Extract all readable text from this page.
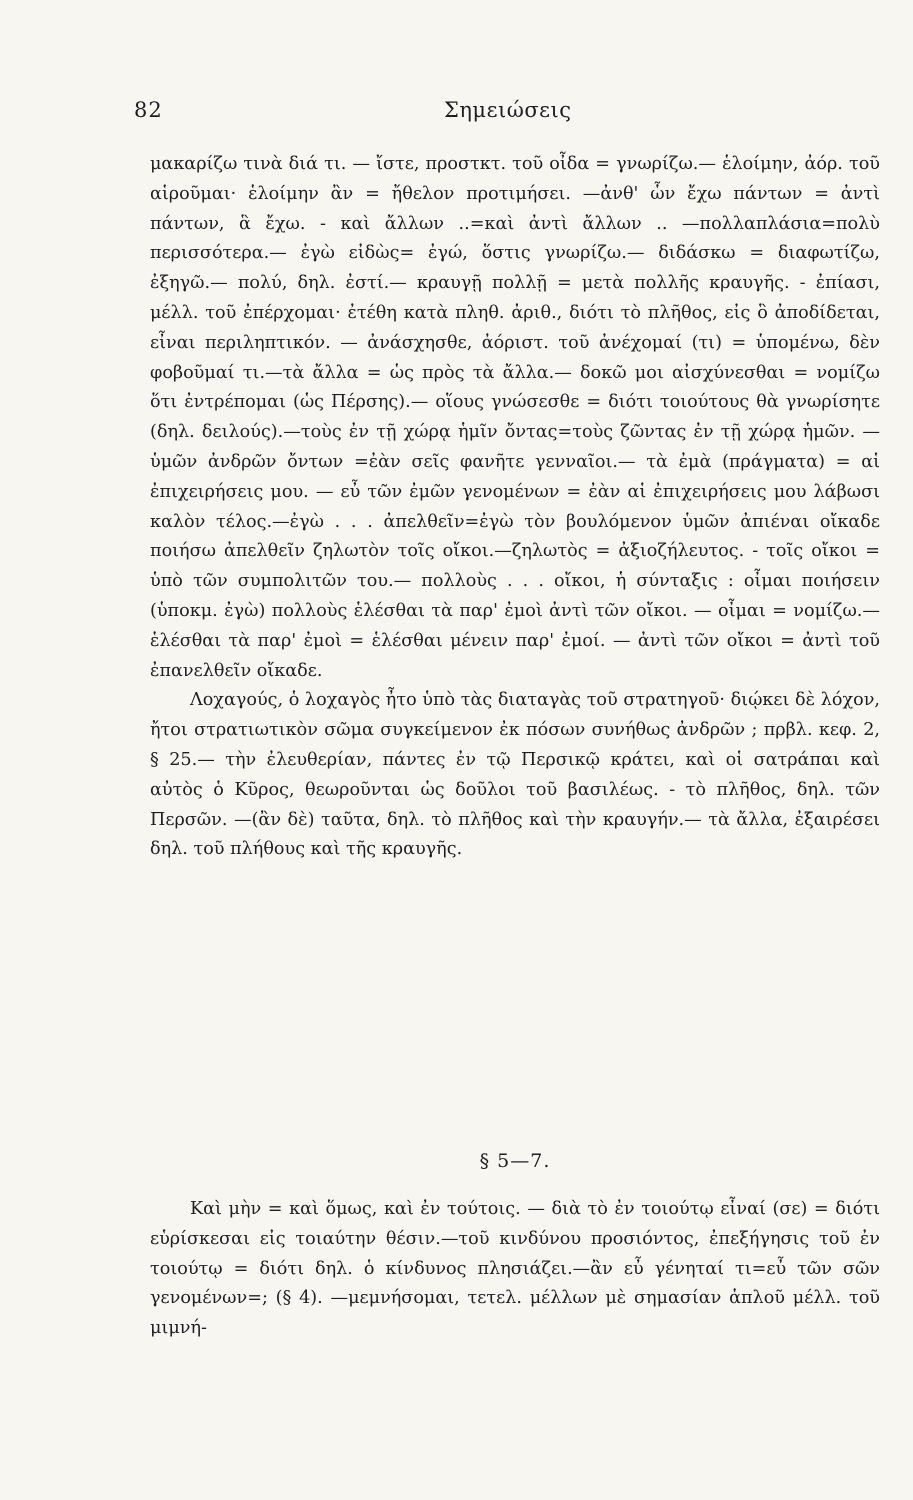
82	Σημειώσεις

μακαρίζω τινὰ διά τι. — ἴστε, προστκτ. τοῦ οἶδα = γνωρίζω.— ἑλοίμην, ἀόρ. τοῦ αἱροῦμαι· ἑλοίμην ἂν = ἤθελον προτιμήσει. —ἀνθ' ὧν ἔχω πάντων = ἀντὶ πάντων, ἃ ἔχω. - καὶ ἄλλων ..=καὶ ἀντὶ ἄλλων .. —πολλαπλάσια=πολὺ περισσότερα.— ἐγὼ εἰδὼς= ἐγώ, ὅστις γνωρίζω.— διδάσκω = διαφωτίζω, ἐξηγῶ.— πολύ, δηλ. ἐστί.— κραυγῇ πολλῇ = μετὰ πολλῆς κραυγῆς. - ἐπίασι, μέλλ. τοῦ ἐπέρχομαι· ἐτέθη κατὰ πληθ. ἀριθ., διότι τὸ πλῆθος, εἰς ὃ ἀποδίδεται, εἶναι περιληπτικόν. — ἀνάσχησθε, ἀόριστ. τοῦ ἀνέχομαί (τι) = ὑπομένω, δὲν φοβοῦμαί τι.—τὰ ἄλλα = ὡς πρὸς τὰ ἄλλα.— δοκῶ μοι αἰσχύνεσθαι = νομίζω ὅτι ἐντρέπομαι (ὡς Πέρσης).— οἵους γνώσεσθε = διότι τοιούτους θὰ γνωρίσητε (δηλ. δειλούς).—τοὺς ἐν τῇ χώρᾳ ἡμῖν ὄντας=τοὺς ζῶντας ἐν τῇ χώρᾳ ἡμῶν. — ὑμῶν ἀνδρῶν ὄντων =ἐὰν σεῖς φανῆτε γενναῖοι.— τὰ ἐμὰ (πράγματα) = αἱ ἐπιχειρήσεις μου. — εὖ τῶν ἐμῶν γενομένων = ἐὰν αἱ ἐπιχειρήσεις μου λάβωσι καλὸν τέλος.—ἐγὼ . . . ἀπελθεῖν=ἐγὼ τὸν βουλόμενον ὑμῶν ἀπιέναι οἴκαδε ποιήσω ἀπελθεῖν ζηλωτὸν τοῖς οἴκοι.—ζηλωτὸς = ἀξιοζήλευτος. - τοῖς οἴκοι = ὑπὸ τῶν συμπολιτῶν του.— πολλοὺς . . . οἴκοι, ἡ σύνταξις : οἶμαι ποιήσειν (ὑποκμ. ἐγὼ) πολλοὺς ἑλέσθαι τὰ παρ' ἐμοὶ ἀντὶ τῶν οἴκοι. — οἶμαι = νομίζω.—ἑλέσθαι τὰ παρ' ἐμοὶ = ἑλέσθαι μένειν παρ' ἐμοί. — ἀντὶ τῶν οἴκοι = ἀντὶ τοῦ ἐπανελθεῖν οἴκαδε.

Λοχαγούς, ὁ λοχαγὸς ἦτο ὑπὸ τὰς διαταγὰς τοῦ στρατηγοῦ· διῴκει δὲ λόχον, ἤτοι στρατιωτικὸν σῶμα συγκείμενον ἐκ πόσων συνήθως ἀνδρῶν ; πρβλ. κεφ. 2, § 25.— τὴν ἐλευθερίαν, πάντες ἐν τῷ Περσικῷ κράτει, καὶ οἱ σατράπαι καὶ αὐτὸς ὁ Κῦρος, θεωροῦνται ὡς δοῦλοι τοῦ βασιλέως. - τὸ πλῆθος, δηλ. τῶν Περσῶν. —(ἂν δὲ) ταῦτα, δηλ. τὸ πλῆθος καὶ τὴν κραυγήν.— τὰ ἄλλα, ἐξαιρέσει δηλ. τοῦ πλήθους καὶ τῆς κραυγῆς.

§ 5—7.

Καὶ μὴν = καὶ ὅμως, καὶ ἐν τούτοις. — διὰ τὸ ἐν τοιούτῳ εἶναί (σε) = διότι εὑρίσκεσαι εἰς τοιαύτην θέσιν.—τοῦ κινδύνου προσιόντος, ἐπεξήγησις τοῦ ἐν τοιούτῳ = διότι δηλ. ὁ κίνδυνος πλησιάζει.—ἂν εὖ γένηταί τι=εὖ τῶν σῶν γενομένων=; (§ 4). —μεμνήσομαι, τετελ. μέλλων μὲ σημασίαν ἁπλοῦ μέλλ. τοῦ μιμνή-
